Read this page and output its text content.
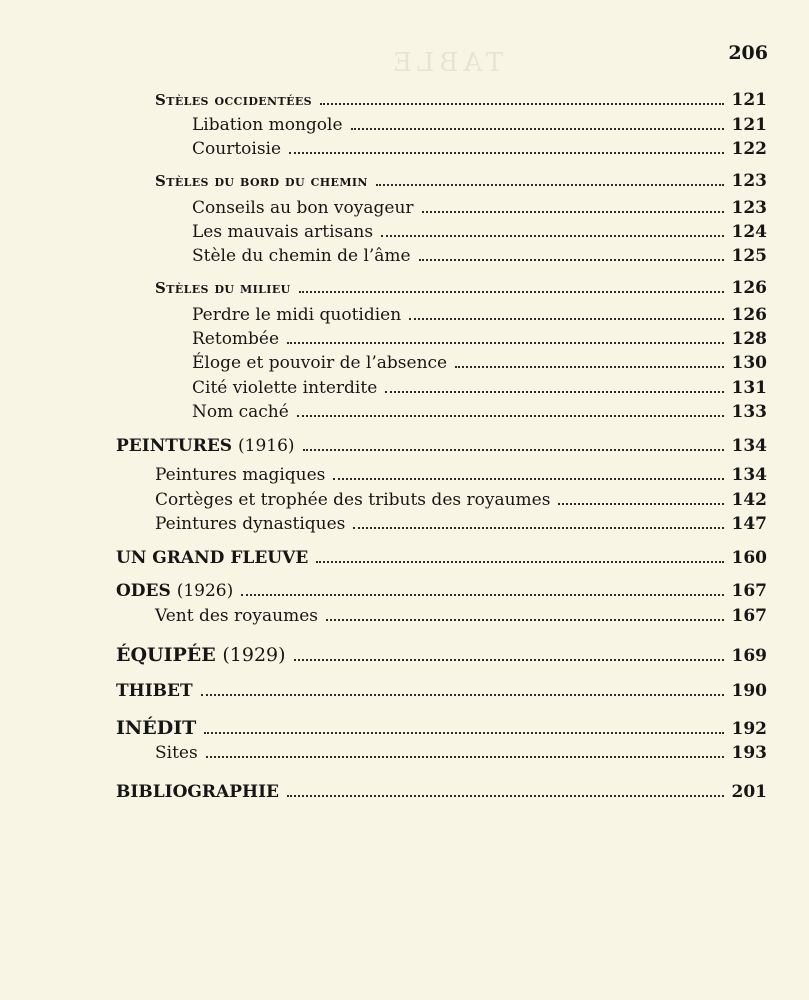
TABLE	206
Stèles occidentées	121
Libation mongole	121
Courtoisie	122
Stèles du bord du chemin	123
Conseils au bon voyageur	123
Les mauvais artisans	124
Stèle du chemin de l’âme	125
Stèles du milieu	126
Perdre le midi quotidien	126
Retombée	128
Éloge et pouvoir de l’absence	130
Cité violette interdite	131
Nom caché	133
PEINTURES (1916)	134
Peintures magiques	134
Cortèges et trophée des tributs des royaumes	142
Peintures dynastiques	147
UN GRAND FLEUVE	160
ODES (1926)	167
Vent des royaumes	167
ÉQUIPÉE (1929)	169
THIBET	190
INÉDIT	192
Sites	193
BIBLIOGRAPHIE	201
